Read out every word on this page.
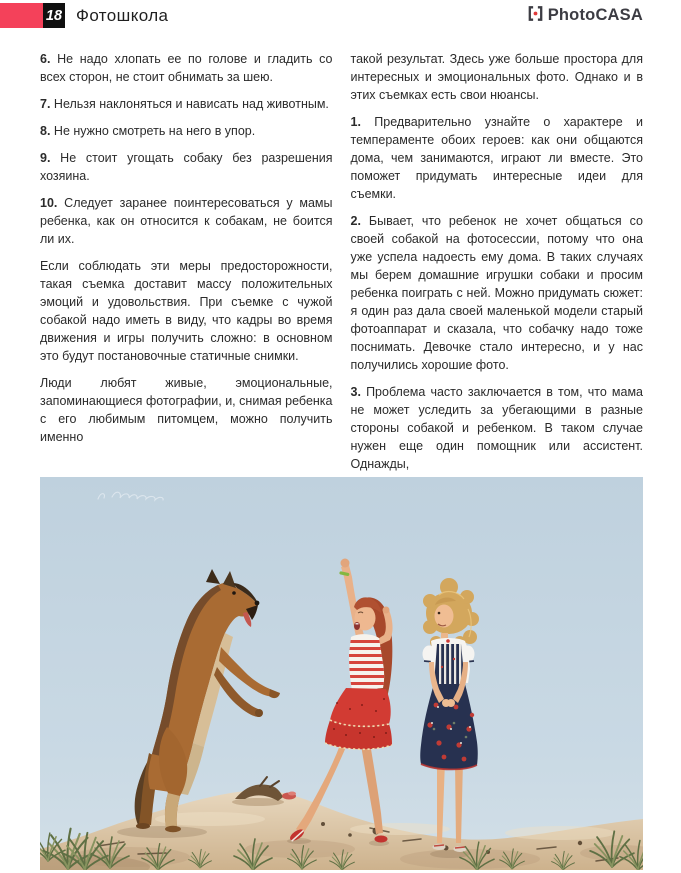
18 Фотошкола	PhotoCASA

6. Не надо хлопать ее по голове и гладить со всех сторон, не стоит обнимать за шею.

7. Нельзя наклоняться и нависать над животным.

8. Не нужно смотреть на него в упор.

9. Не стоит угощать собаку без разрешения хозяина.

10. Следует заранее поинтересоваться у мамы ребенка, как он относится к собакам, не боится ли их.

Если соблюдать эти меры предосторожности, такая съемка доставит массу положительных эмоций и удовольствия. При съемке с чужой собакой надо иметь в виду, что кадры во время движения и игры получить сложно: в основном это будут постановочные статичные снимки.

Люди любят живые, эмоциональные, запоминающиеся фотографии, и, снимая ребенка с его любимым питомцем, можно получить именно

такой результат. Здесь уже больше простора для интересных и эмоциональных фото. Однако и в этих съемках есть свои нюансы.

1. Предварительно узнайте о характере и темпераменте обоих героев: как они общаются дома, чем занимаются, играют ли вместе. Это поможет придумать интересные идеи для съемки.

2. Бывает, что ребенок не хочет общаться со своей собакой на фотосессии, потому что она уже успела надоесть ему дома. В таких случаях мы берем домашние игрушки собаки и просим ребенка поиграть с ней. Можно придумать сюжет: я один раз дала своей маленькой модели старый фотоаппарат и сказала, что собачку надо тоже поснимать. Девочке стало интересно, и у нас получились хорошие фото.

3. Проблема часто заключается в том, что мама не может уследить за убегающими в разные стороны собакой и ребенком. В таком случае нужен еще один помощник или ассистент. Однажды,
